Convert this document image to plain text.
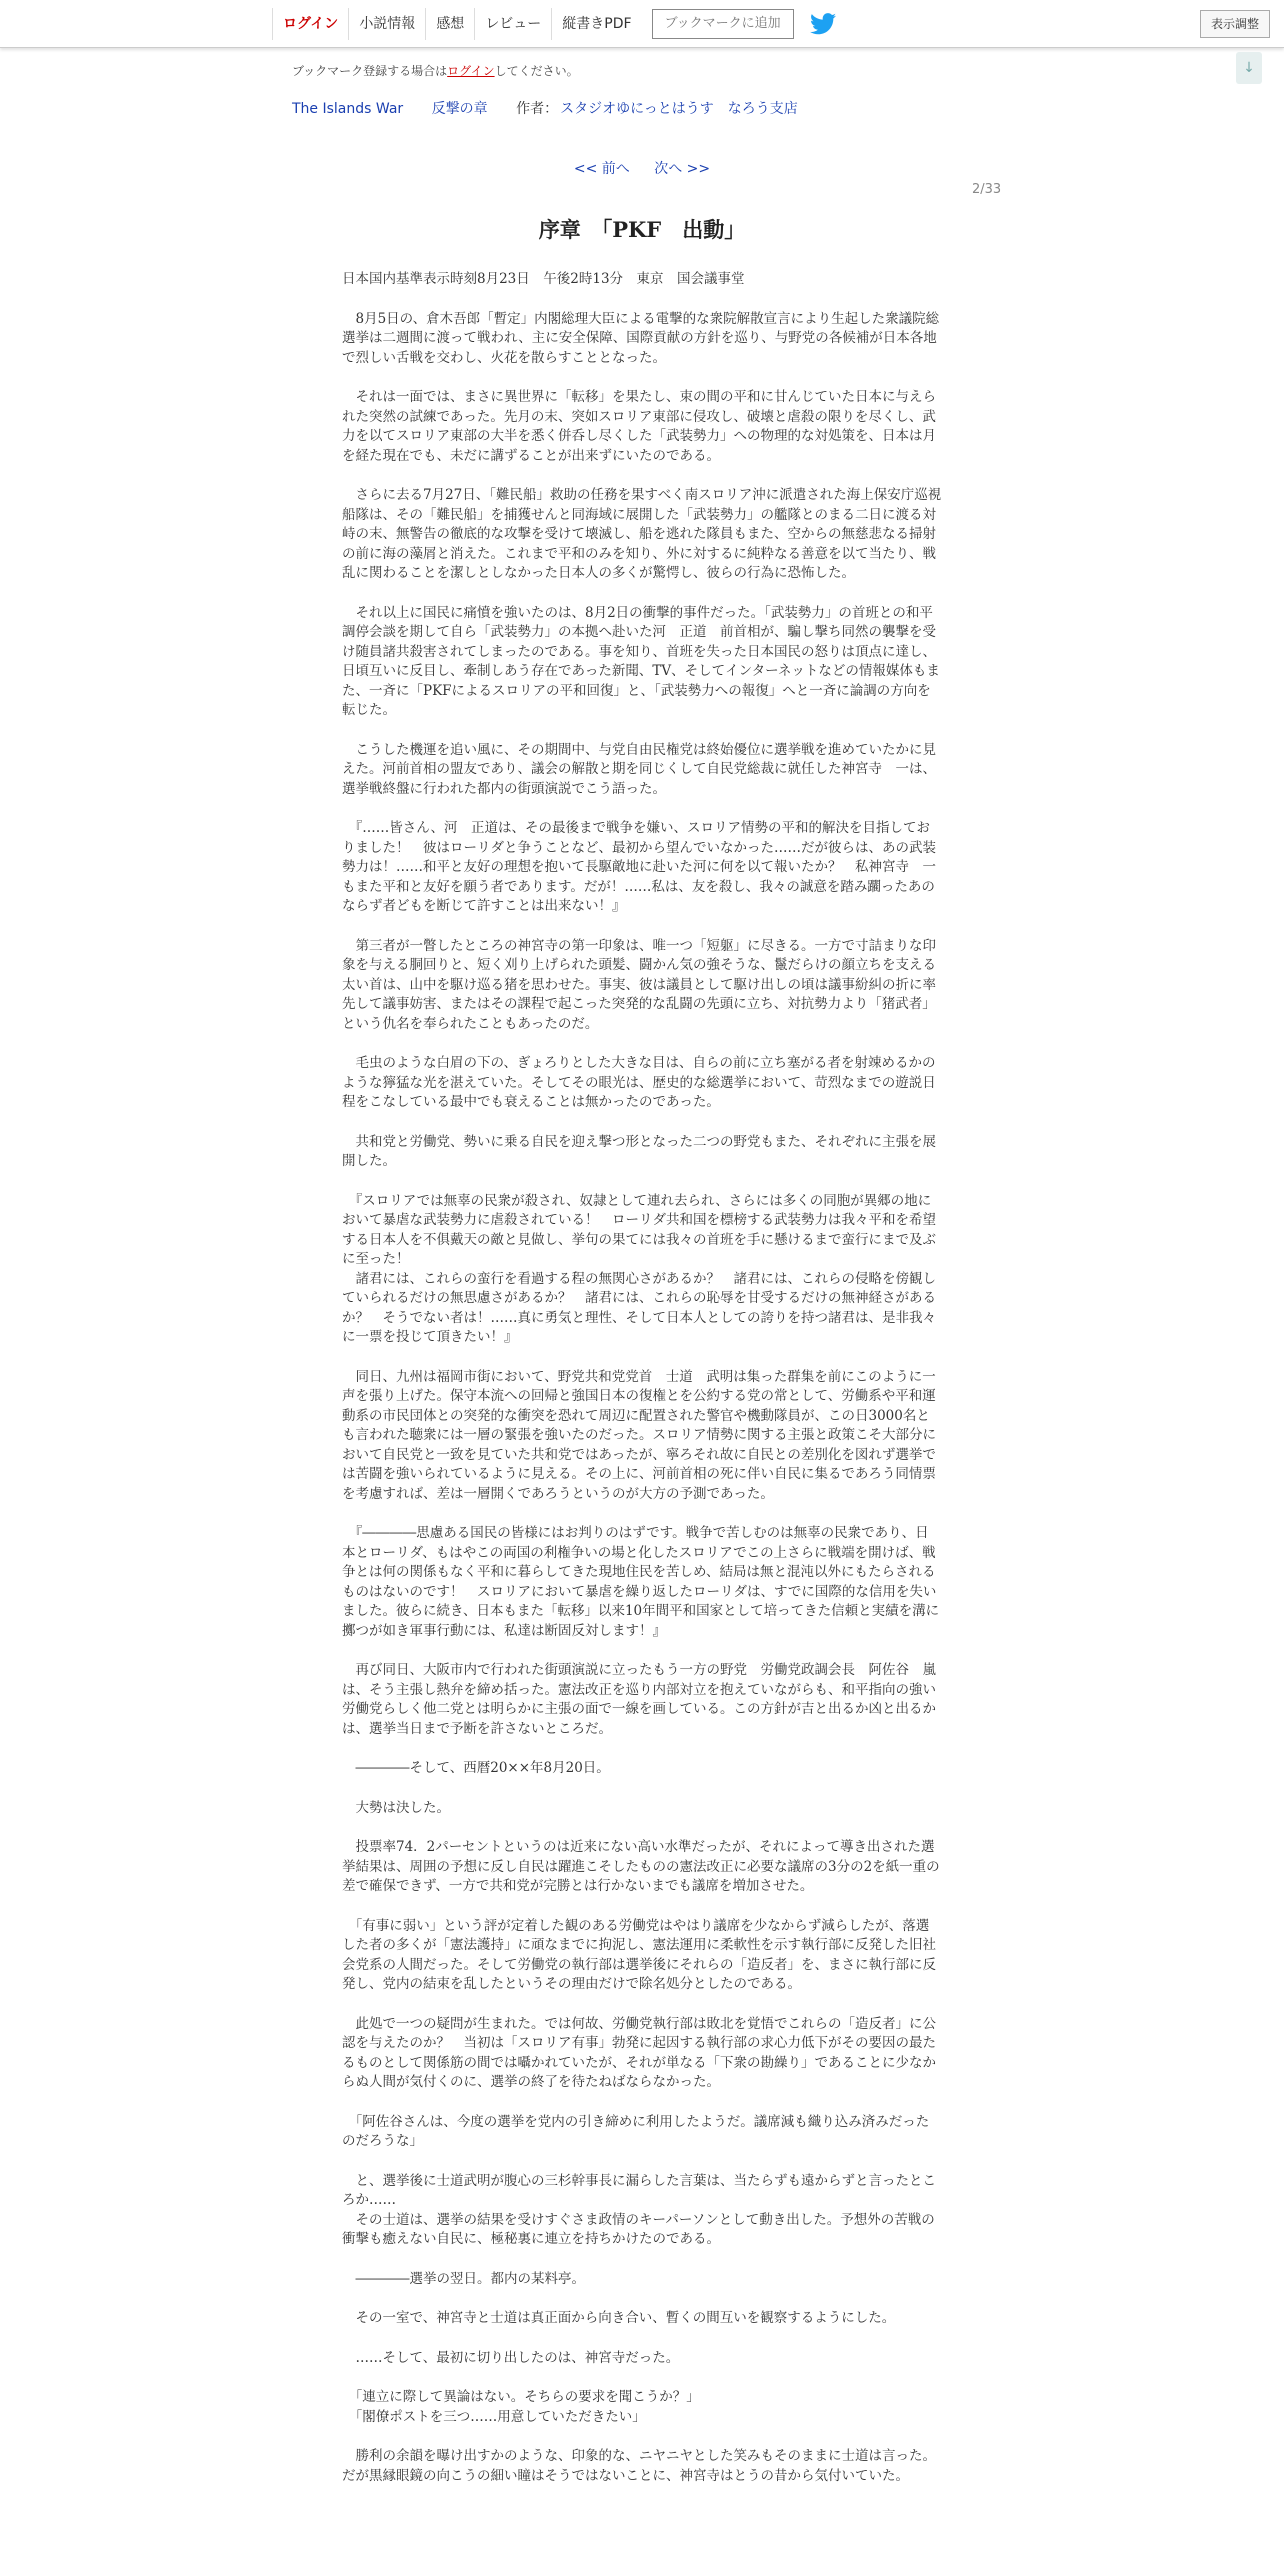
ログイン	小説情報	感想	レビュー	縦書きPDF	ブックマークに追加	表示調整
↓
ブックマーク登録する場合はログインしてください。
The Islands War 反撃の章 作者： スタジオゆにっとはうす　なろう支店
<< 前へ 次へ >>
2/33
序章　「PKF　出動」

日本国内基準表示時刻8月23日　午後2時13分　東京　国会議事堂

　8月5日の、倉木吾郎「暫定」内閣総理大臣による電撃的な衆院解散宣言により生起した衆議院総選挙は二週間に渡って戦われ、主に安全保障、国際貢献の方針を巡り、与野党の各候補が日本各地で烈しい舌戦を交わし、火花を散らすこととなった。

　それは一面では、まさに異世界に「転移」を果たし、束の間の平和に甘んじていた日本に与えられた突然の試練であった。先月の末、突如スロリア東部に侵攻し、破壊と虐殺の限りを尽くし、武力を以てスロリア東部の大半を悉く併呑し尽くした「武装勢力」への物理的な対処策を、日本は月を経た現在でも、未だに講ずることが出来ずにいたのである。

　さらに去る7月27日、「難民船」救助の任務を果すべく南スロリア沖に派遣された海上保安庁巡視船隊は、その「難民船」を捕獲せんと同海域に展開した「武装勢力」の艦隊とのまる二日に渡る対峙の末、無警告の徹底的な攻撃を受けて壊滅し、船を逃れた隊員もまた、空からの無慈悲なる掃射の前に海の藻屑と消えた。これまで平和のみを知り、外に対するに純粋なる善意を以て当たり、戦乱に関わることを潔しとしなかった日本人の多くが驚愕し、彼らの行為に恐怖した。

　それ以上に国民に痛憤を強いたのは、8月2日の衝撃的事件だった。「武装勢力」の首班との和平調停会談を期して自ら「武装勢力」の本拠へ赴いた河　正道　前首相が、騙し撃ち同然の襲撃を受け随員諸共殺害されてしまったのである。事を知り、首班を失った日本国民の怒りは頂点に達し、日頃互いに反目し、牽制しあう存在であった新聞、TV、そしてインターネットなどの情報媒体もまた、一斉に「PKFによるスロリアの平和回復」と、「武装勢力への報復」へと一斉に論調の方向を転じた。

　こうした機運を追い風に、その期間中、与党自由民権党は終始優位に選挙戦を進めていたかに見えた。河前首相の盟友であり、議会の解散と期を同じくして自民党総裁に就任した神宮寺　一は、選挙戦終盤に行われた都内の街頭演説でこう語った。

　『……皆さん、河　正道は、その最後まで戦争を嫌い、スロリア情勢の平和的解決を目指しておりました！　彼はローリダと争うことなど、最初から望んでいなかった……だが彼らは、あの武装勢力は！……和平と友好の理想を抱いて長駆敵地に赴いた河に何を以て報いたか？　私神宮寺　一もまた平和と友好を願う者であります。だが！……私は、友を殺し、我々の誠意を踏み躙ったあのならず者どもを断じて許すことは出来ない！』

　第三者が一瞥したところの神宮寺の第一印象は、唯一つ「短躯」に尽きる。一方で寸詰まりな印象を与える胴回りと、短く刈り上げられた頭髪、闘かん気の強そうな、鬣だらけの顔立ちを支える太い首は、山中を駆け巡る猪を思わせた。事実、彼は議員として駆け出しの頃は議事紛糾の折に率先して議事妨害、またはその課程で起こった突発的な乱闘の先頭に立ち、対抗勢力より「猪武者」という仇名を奉られたこともあったのだ。

　毛虫のような白眉の下の、ぎょろりとした大きな目は、自らの前に立ち塞がる者を射竦めるかのような獰猛な光を湛えていた。そしてその眼光は、歴史的な総選挙において、苛烈なまでの遊説日程をこなしている最中でも衰えることは無かったのであった。

　共和党と労働党、勢いに乗る自民を迎え撃つ形となった二つの野党もまた、それぞれに主張を展開した。

　『スロリアでは無辜の民衆が殺され、奴隷として連れ去られ、さらには多くの同胞が異郷の地において暴虐な武装勢力に虐殺されている！　ローリダ共和国を標榜する武装勢力は我々平和を希望する日本人を不俱戴天の敵と見做し、挙句の果てには我々の首班を手に懸けるまで蛮行にまで及ぶに至った！
　諸君には、これらの蛮行を看過する程の無関心さがあるか？　諸君には、これらの侵略を傍観していられるだけの無思慮さがあるか？　諸君には、これらの恥辱を甘受するだけの無神経さがあるか？　そうでない者は！……真に勇気と理性、そして日本人としての誇りを持つ諸君は、是非我々に一票を投じて頂きたい！』

　同日、九州は福岡市街において、野党共和党党首　士道　武明は集った群集を前にこのように一声を張り上げた。保守本流への回帰と強国日本の復権とを公約する党の常として、労働系や平和運動系の市民団体との突発的な衝突を恐れて周辺に配置された警官や機動隊員が、この日3000名とも言われた聴衆には一層の緊張を強いたのだった。スロリア情勢に関する主張と政策こそ大部分において自民党と一致を見ていた共和党ではあったが、寧ろそれ故に自民との差別化を図れず選挙では苦闘を強いられているように見える。その上に、河前首相の死に伴い自民に集るであろう同情票を考慮すれば、差は一層開くであろうというのが大方の予測であった。

　『――――思慮ある国民の皆様にはお判りのはずです。戦争で苦しむのは無辜の民衆であり、日本とローリダ、もはやこの両国の利権争いの場と化したスロリアでこの上さらに戦端を開けば、戦争とは何の関係もなく平和に暮らしてきた現地住民を苦しめ、結局は無と混沌以外にもたらされるものはないのです！　スロリアにおいて暴虐を繰り返したローリダは、すでに国際的な信用を失いました。彼らに続き、日本もまた「転移」以来10年間平和国家として培ってきた信頼と実績を溝に擲つが如き軍事行動には、私達は断固反対します！』

　再び同日、大阪市内で行われた街頭演説に立ったもう一方の野党　労働党政調会長　阿佐谷　嵐は、そう主張し熱弁を締め括った。憲法改正を巡り内部対立を抱えていながらも、和平指向の強い労働党らしく他二党とは明らかに主張の面で一線を画している。この方針が吉と出るか凶と出るかは、選挙当日まで予断を許さないところだ。

　――――そして、西暦20××年8月20日。

　大勢は決した。

　投票率74．2パーセントというのは近来にない高い水準だったが、それによって導き出された選挙結果は、周囲の予想に反し自民は躍進こそしたものの憲法改正に必要な議席の3分の2を紙一重の差で確保できず、一方で共和党が完勝とは行かないまでも議席を増加させた。

　「有事に弱い」という評が定着した観のある労働党はやはり議席を少なからず減らしたが、落選した者の多くが「憲法護持」に頑なまでに拘泥し、憲法運用に柔軟性を示す執行部に反発した旧社会党系の人間だった。そして労働党の執行部は選挙後にそれらの「造反者」を、まさに執行部に反発し、党内の結束を乱したというその理由だけで除名処分としたのである。

　此処で一つの疑問が生まれた。では何故、労働党執行部は敗北を覚悟でこれらの「造反者」に公認を与えたのか？　当初は「スロリア有事」勃発に起因する執行部の求心力低下がその要因の最たるものとして関係筋の間では囁かれていたが、それが単なる「下衆の勘繰り」であることに少なからぬ人間が気付くのに、選挙の終了を待たねばならなかった。

　「阿佐谷さんは、今度の選挙を党内の引き締めに利用したようだ。議席減も織り込み済みだったのだろうな」

　と、選挙後に士道武明が腹心の三杉幹事長に漏らした言葉は、当たらずも遠からずと言ったところか……
　その士道は、選挙の結果を受けすぐさま政情のキーパーソンとして動き出した。予想外の苦戦の衝撃も癒えない自民に、極秘裏に連立を持ちかけたのである。

　――――選挙の翌日。都内の某料亭。

　その一室で、神宮寺と士道は真正面から向き合い、暫くの間互いを観察するようにした。

　……そして、最初に切り出したのは、神宮寺だった。

　「連立に際して異論はない。そちらの要求を聞こうか？」
　「閣僚ポストを三つ……用意していただきたい」

　勝利の余韻を曝け出すかのような、印象的な、ニヤニヤとした笑みもそのままに士道は言った。だが黒縁眼鏡の向こうの細い瞳はそうではないことに、神宮寺はとうの昔から気付いていた。
